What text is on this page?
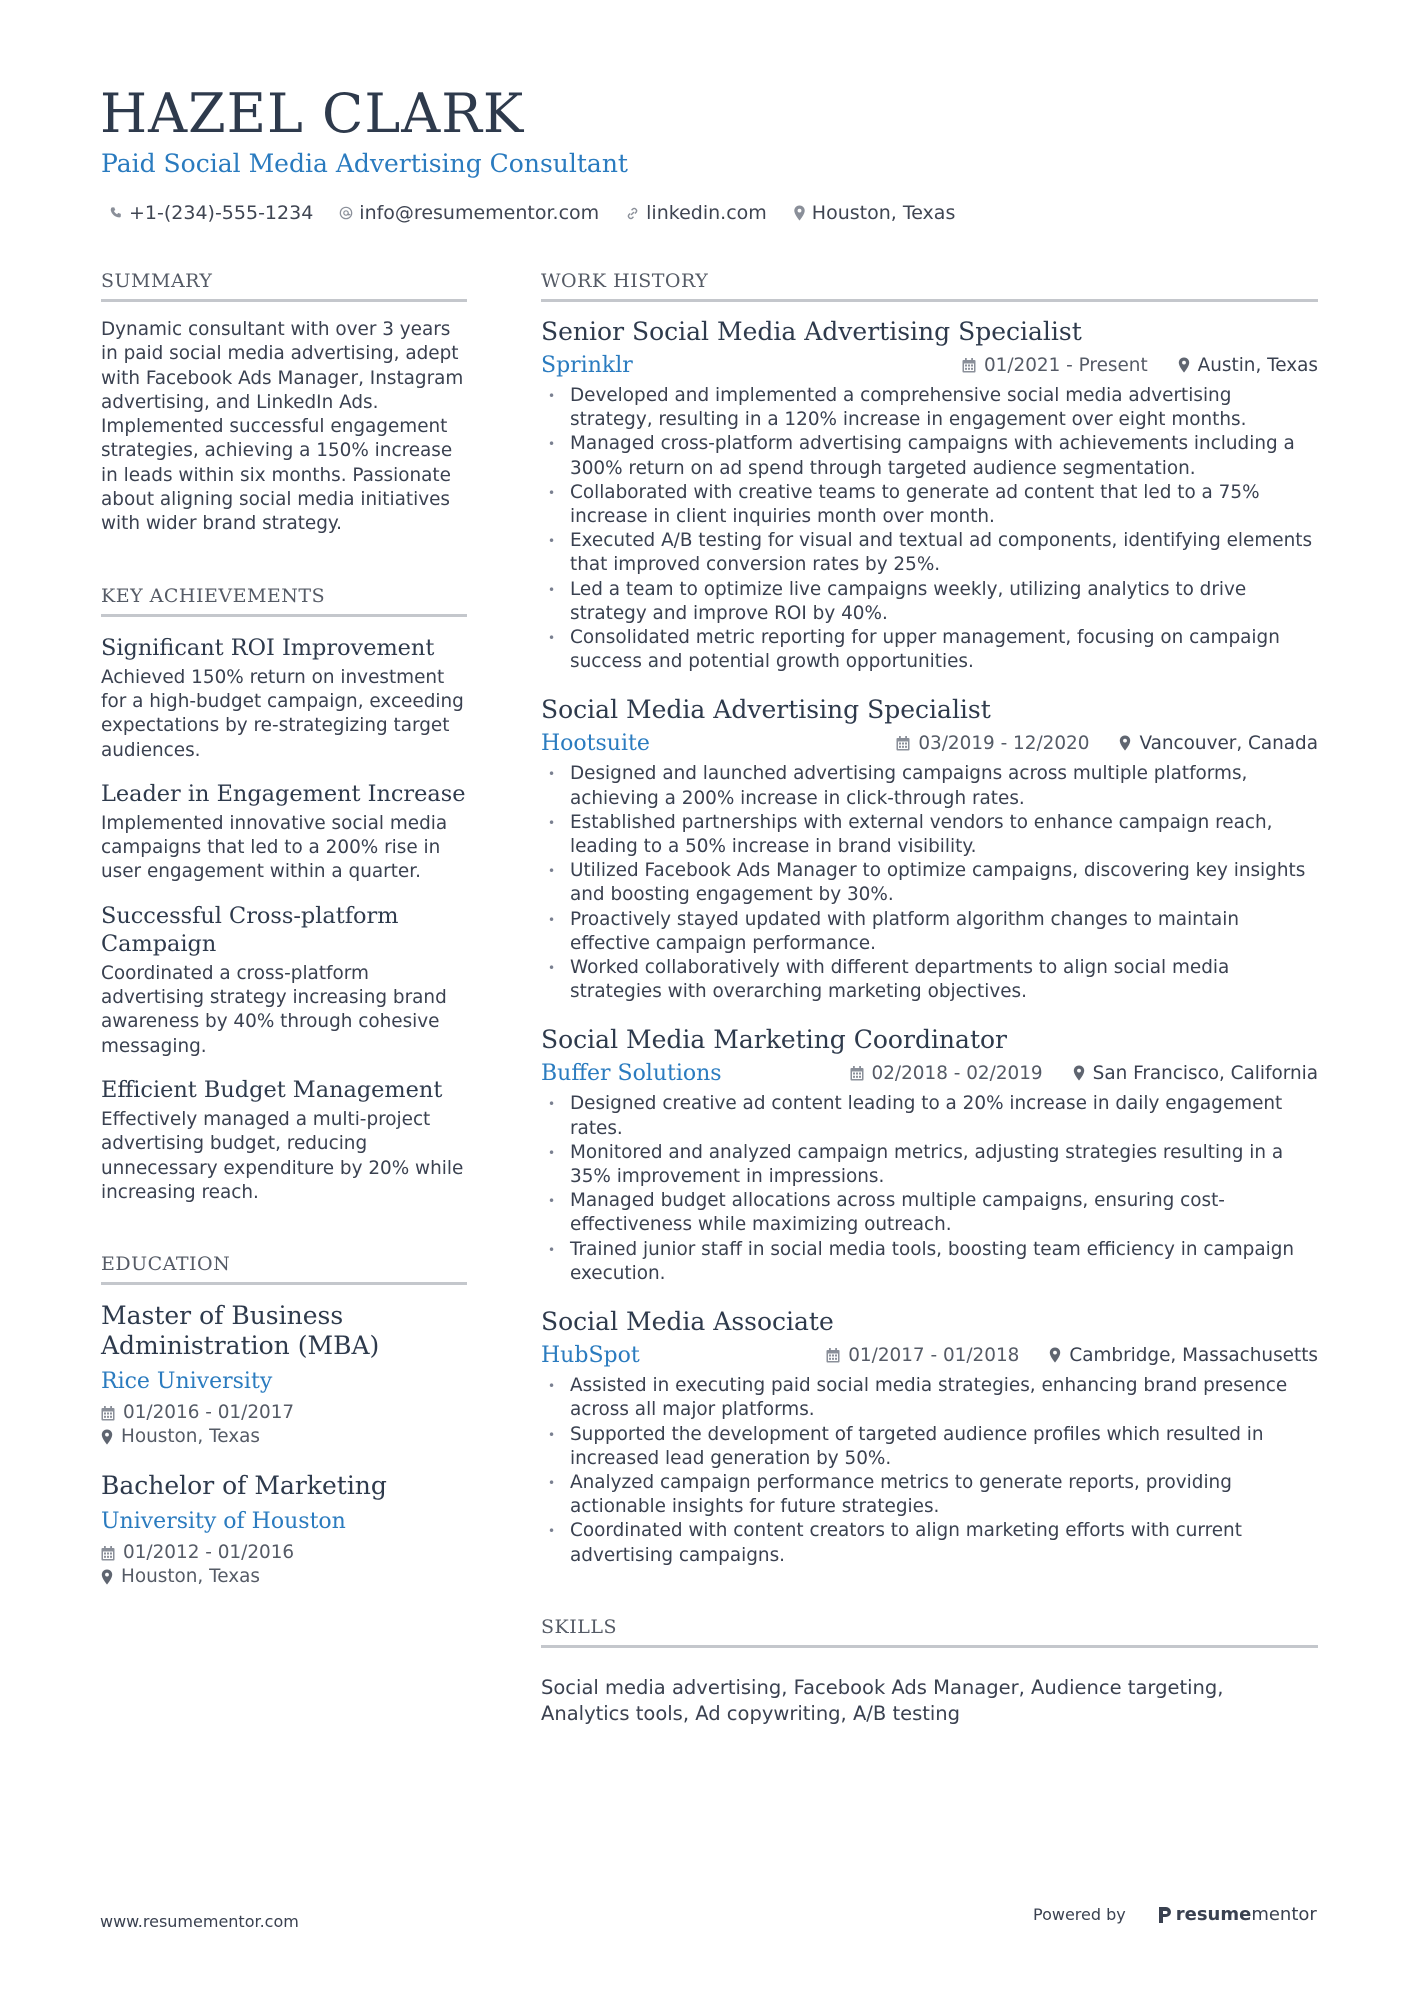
HAZEL CLARK
Paid Social Media Advertising Consultant
+1-(234)-555-1234 info@resumementor.com linkedin.com Houston, Texas
SUMMARY

Dynamic consultant with over 3 years in paid social media advertising, adept with Facebook Ads Manager, Instagram advertising, and LinkedIn Ads. Implemented successful engagement strategies, achieving a 150% increase in leads within six months. Passionate about aligning social media initiatives with wider brand strategy.

KEY ACHIEVEMENTS
Significant ROI Improvement

Achieved 150% return on investment for a high-budget campaign, exceeding expectations by re-strategizing target audiences.

Leader in Engagement Increase

Implemented innovative social media campaigns that led to a 200% rise in user engagement within a quarter.

Successful Cross-platform Campaign

Coordinated a cross-platform advertising strategy increasing brand awareness by 40% through cohesive messaging.

Efficient Budget Management

Effectively managed a multi-project advertising budget, reducing unnecessary expenditure by 20% while increasing reach.

EDUCATION
Master of Business Administration (MBA)
Rice University
01/2016 - 01/2017
Houston, Texas
Bachelor of Marketing
University of Houston
01/2012 - 01/2016
Houston, Texas
WORK HISTORY
Senior Social Media Advertising Specialist
Sprinklr	01/2021 - Present	Austin, Texas
• Developed and implemented a comprehensive social media advertising strategy, resulting in a 120% increase in engagement over eight months.
• Managed cross-platform advertising campaigns with achievements including a 300% return on ad spend through targeted audience segmentation.
• Collaborated with creative teams to generate ad content that led to a 75% increase in client inquiries month over month.
• Executed A/B testing for visual and textual ad components, identifying elements that improved conversion rates by 25%.
• Led a team to optimize live campaigns weekly, utilizing analytics to drive strategy and improve ROI by 40%.
• Consolidated metric reporting for upper management, focusing on campaign success and potential growth opportunities.
Social Media Advertising Specialist
Hootsuite	03/2019 - 12/2020	Vancouver, Canada
• Designed and launched advertising campaigns across multiple platforms, achieving a 200% increase in click-through rates.
• Established partnerships with external vendors to enhance campaign reach, leading to a 50% increase in brand visibility.
• Utilized Facebook Ads Manager to optimize campaigns, discovering key insights and boosting engagement by 30%.
• Proactively stayed updated with platform algorithm changes to maintain effective campaign performance.
• Worked collaboratively with different departments to align social media strategies with overarching marketing objectives.
Social Media Marketing Coordinator
Buffer Solutions	02/2018 - 02/2019	San Francisco, California
• Designed creative ad content leading to a 20% increase in daily engagement rates.
• Monitored and analyzed campaign metrics, adjusting strategies resulting in a 35% improvement in impressions.
• Managed budget allocations across multiple campaigns, ensuring cost-effectiveness while maximizing outreach.
• Trained junior staff in social media tools, boosting team efficiency in campaign execution.
Social Media Associate
HubSpot	01/2017 - 01/2018	Cambridge, Massachusetts
• Assisted in executing paid social media strategies, enhancing brand presence across all major platforms.
• Supported the development of targeted audience profiles which resulted in increased lead generation by 50%.
• Analyzed campaign performance metrics to generate reports, providing actionable insights for future strategies.
• Coordinated with content creators to align marketing efforts with current advertising campaigns.
SKILLS

Social media advertising, Facebook Ads Manager, Audience targeting, Analytics tools, Ad copywriting, A/B testing

www.resumementor.com	Powered by	resume mentor
